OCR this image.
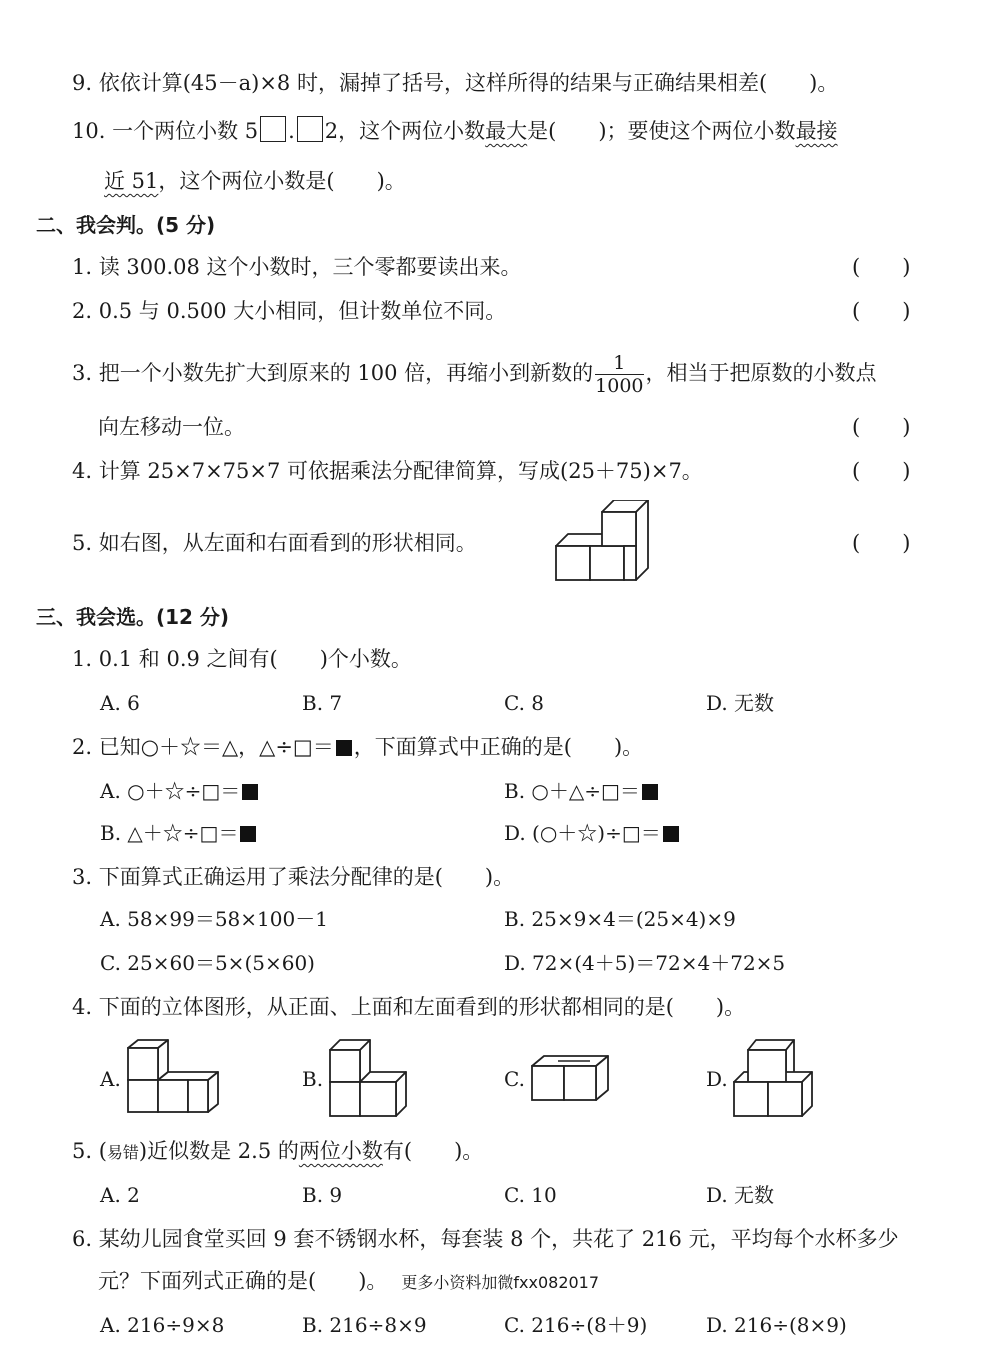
9. 依依计算(45－a)×8 时，漏掉了括号，这样所得的结果与正确结果相差(　　)。
10. 一个两位小数 5 . 2，这个两位小数最大是(　　)；要使这个两位小数最接
近 51，这个两位小数是(　　)。
二、我会判。(5 分)
1. 读 300.08 这个小数时，三个零都要读出来。	(　　)
2. 0.5 与 0.500 大小相同，但计数单位不同。	(　　)
3. 把一个小数先扩大到原来的 100 倍，再缩小到新数的 $\frac{1}{1000}$ ，相当于把原数的小数点
向左移动一位。	(　　)
4. 计算 25×7×75×7 可依据乘法分配律简算，写成(25＋75)×7。	(　　)
5. 如右图，从左面和右面看到的形状相同。	(　　)
三、我会选。(12 分)
1. 0.1 和 0.9 之间有(　　)个小数。
A. 6	B. 7	C. 8	D. 无数
2. 已知○＋☆＝△，△÷□＝ ，下面算式中正确的是(　　)。
A. ○＋☆÷□＝	B. ○＋△÷□＝
B. △＋☆÷□＝	D. (○＋☆)÷□＝
3. 下面算式正确运用了乘法分配律的是(　　)。
A. 58×99＝58×100－1	B. 25×9×4＝(25×4)×9
C. 25×60＝5×(5×60)	D. 72×(4＋5)＝72×4＋72×5
4. 下面的立体图形，从正面、上面和左面看到的形状都相同的是(　　)。
A.	B.	C.	D.
5. (易错)近似数是 2.5 的两位小数有(　　)。
A. 2	B. 9	C. 10	D. 无数
6. 某幼儿园食堂买回 9 套不锈钢水杯，每套装 8 个，共花了 216 元，平均每个水杯多少
元？下面列式正确的是(　　)。 更多小资料加微fxx082017
A. 216÷9×8	B. 216÷8×9	C. 216÷(8＋9)	D. 216÷(8×9)
